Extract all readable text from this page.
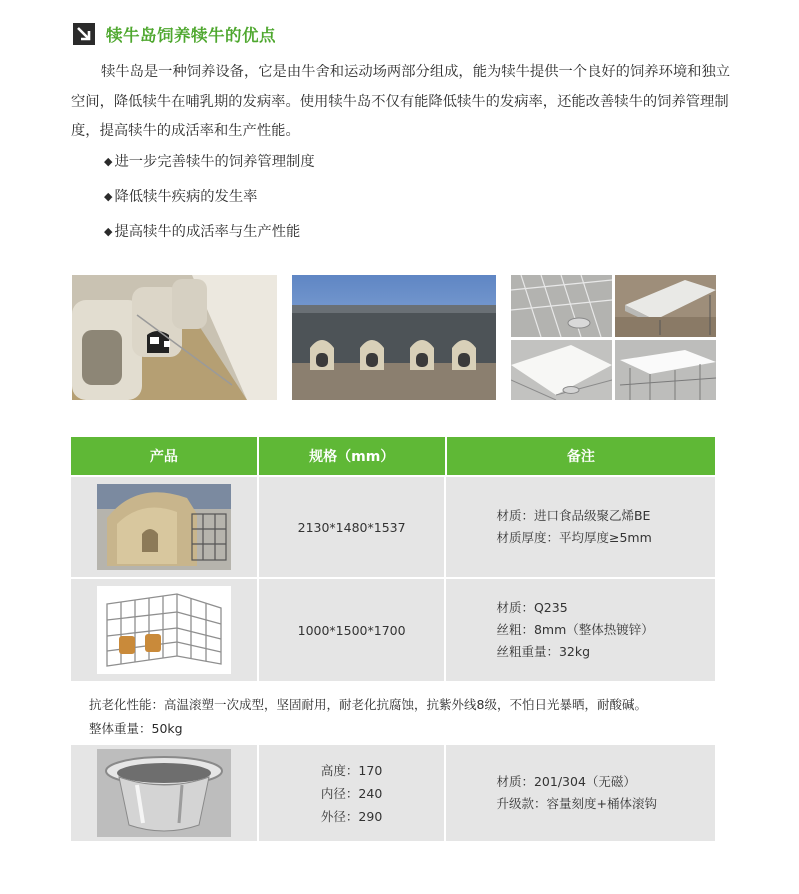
犊牛岛饲养犊牛的优点

犊牛岛是一种饲养设备，它是由牛舍和运动场两部分组成，能为犊牛提供一个良好的饲养环境和独立空间，降低犊牛在哺乳期的发病率。使用犊牛岛不仅有能降低犊牛的发病率，还能改善犊牛的饲养管理制度，提高犊牛的成活率和生产性能。

◆ 进一步完善犊牛的饲养管理制度
◆ 降低犊牛疾病的发生率
◆ 提高犊牛的成活率与生产性能
产品	规格（mm）	备注
2130*1480*1537
材质：进口食品级聚乙烯BE
材质厚度：平均厚度≥5mm
1000*1500*1700
材质：Q235
丝粗：8mm（整体热镀锌）
丝粗重量：32kg
抗老化性能：高温滚塑一次成型，坚固耐用，耐老化抗腐蚀，抗紫外线8级，不怕日光暴晒，耐酸碱。
整体重量：50kg
高度：170
内径：240
外径：290
材质：201/304（无磁）
升级款：容量刻度+桶体滚钩
